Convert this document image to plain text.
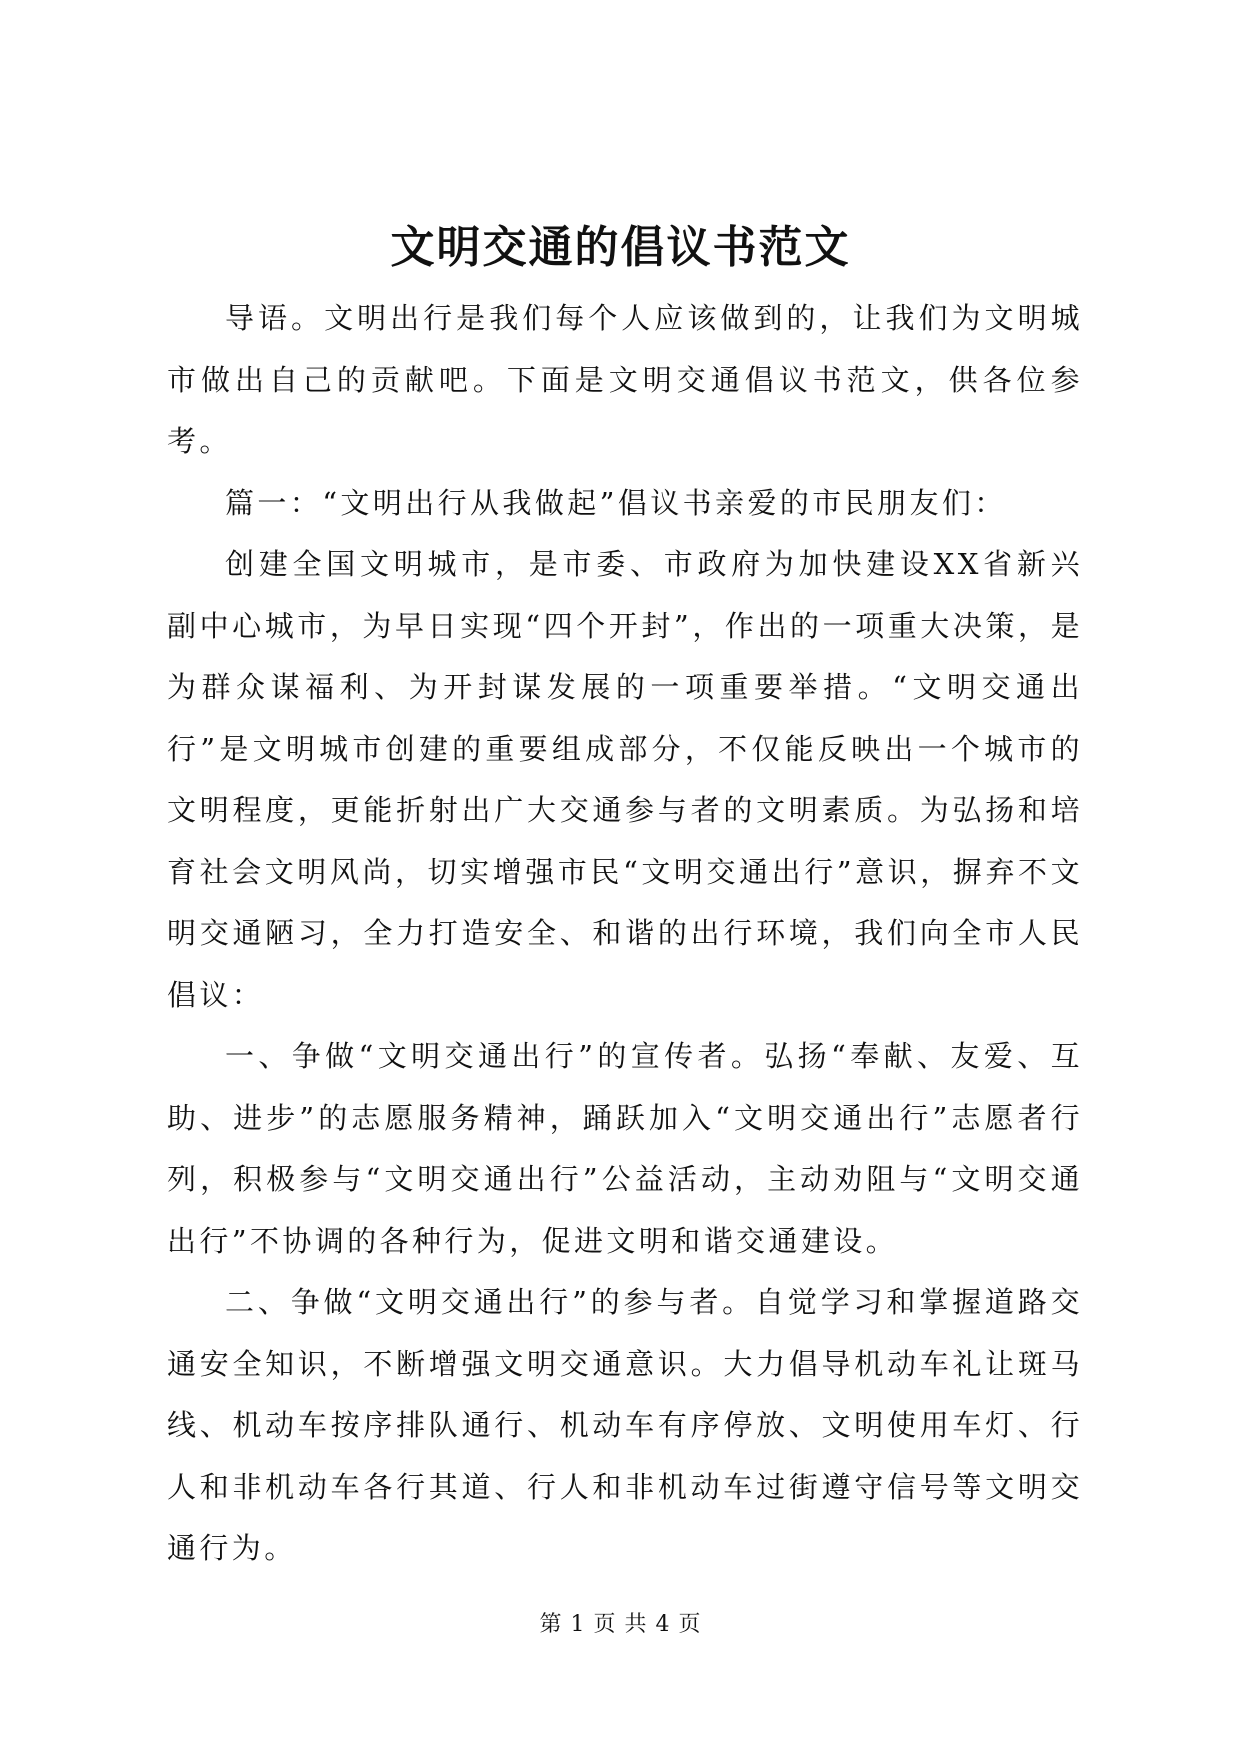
文明交通的倡议书范文

导语。文明出行是我们每个人应该做到的，让我们为文明城市做出自己的贡献吧。下面是文明交通倡议书范文，供各位参考。

篇一：“文明出行从我做起”倡议书亲爱的市民朋友们：

创建全国文明城市，是市委、市政府为加快建设XX省新兴副中心城市，为早日实现“四个开封”，作出的一项重大决策，是为群众谋福利、为开封谋发展的一项重要举措。“文明交通出行”是文明城市创建的重要组成部分，不仅能反映出一个城市的文明程度，更能折射出广大交通参与者的文明素质。为弘扬和培育社会文明风尚，切实增强市民“文明交通出行”意识，摒弃不文明交通陋习，全力打造安全、和谐的出行环境，我们向全市人民倡议：

一、争做“文明交通出行”的宣传者。弘扬“奉献、友爱、互助、进步”的志愿服务精神，踊跃加入“文明交通出行”志愿者行列，积极参与“文明交通出行”公益活动，主动劝阻与“文明交通出行”不协调的各种行为，促进文明和谐交通建设。

二、争做“文明交通出行”的参与者。自觉学习和掌握道路交通安全知识，不断增强文明交通意识。大力倡导机动车礼让斑马线、机动车按序排队通行、机动车有序停放、文明使用车灯、行人和非机动车各行其道、行人和非机动车过街遵守信号等文明交通行为。

第 1 页 共 4 页
